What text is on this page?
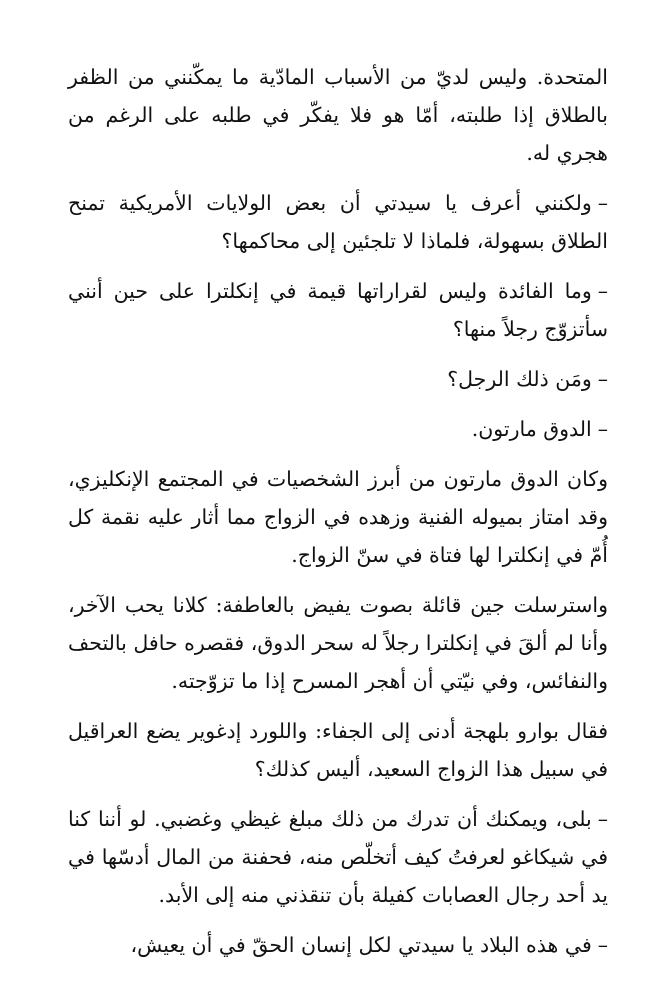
المتحدة. وليس لديّ من الأسباب المادّية ما يمكّنني من الظفر بالطلاق إذا طلبته، أمّا هو فلا يفكّر في طلبه على الرغم من هجري له.

–ولكنني أعرف يا سيدتي أن بعض الولايات الأمريكية تمنح الطلاق بسهولة، فلماذا لا تلجئين إلى محاكمها؟

–وما الفائدة وليس لقراراتها قيمة في إنكلترا على حين أنني سأتزوّج رجلاً منها؟

–ومَن ذلك الرجل؟

–الدوق مارتون.

وكان الدوق مارتون من أبرز الشخصيات في المجتمع الإنكليزي، وقد امتاز بميوله الفنية وزهده في الزواج مما أثار عليه نقمة كل أُمّ في إنكلترا لها فتاة في سنّ الزواج.

واسترسلت جين قائلة بصوت يفيض بالعاطفة: كلانا يحب الآخر، وأنا لم ألقَ في إنكلترا رجلاً له سحر الدوق، فقصره حافل بالتحف والنفائس، وفي نيّتي أن أهجر المسرح إذا ما تزوّجته.

فقال بوارو بلهجة أدنى إلى الجفاء: واللورد إدغوير يضع العراقيل في سبيل هذا الزواج السعيد، أليس كذلك؟

–بلى، ويمكنك أن تدرك من ذلك مبلغ غيظي وغضبي. لو أننا كنا في شيكاغو لعرفتُ كيف أتخلّص منه، فحفنة من المال أدسّها في يد أحد رجال العصابات كفيلة بأن تنقذني منه إلى الأبد.

–في هذه البلاد يا سيدتي لكل إنسان الحقّ في أن يعيش،
